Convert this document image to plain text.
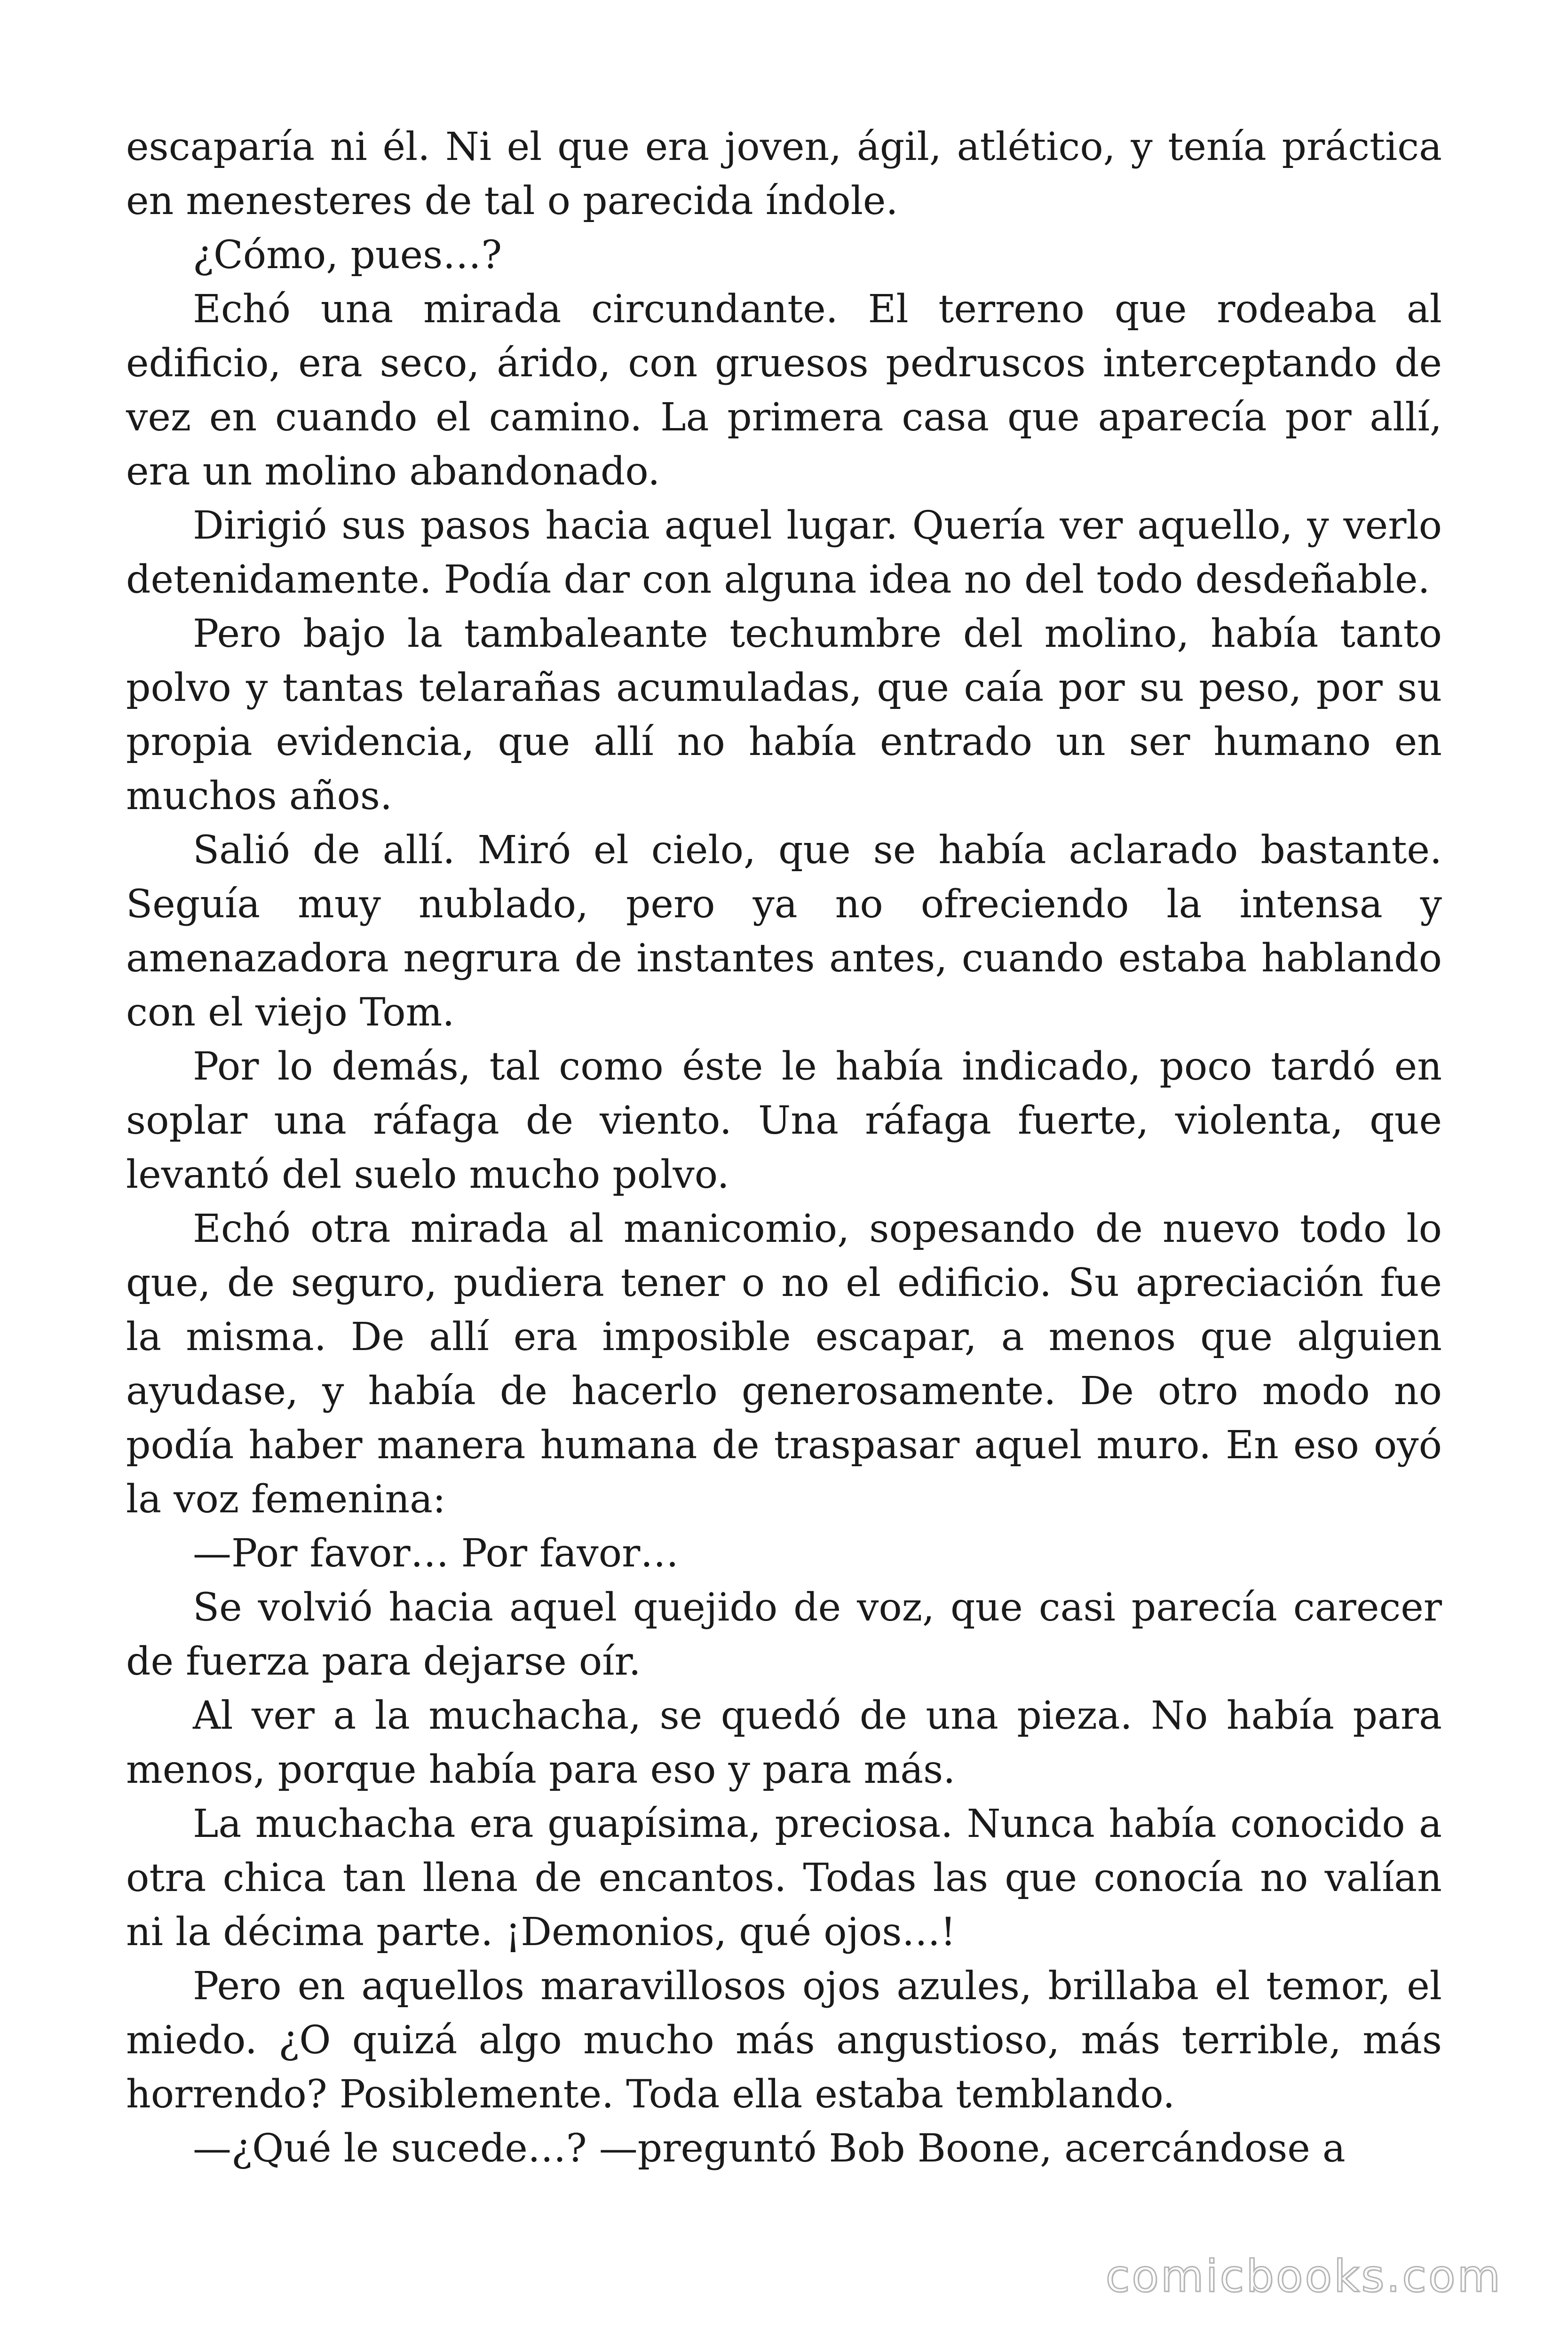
escaparía ni él. Ni el que era joven, ágil, atlético, y tenía práctica en menesteres de tal o parecida índole.

¿Cómo, pues…?

Echó una mirada circundante. El terreno que rodeaba al edificio, era seco, árido, con gruesos pedruscos interceptando de vez en cuando el camino. La primera casa que aparecía por allí, era un molino abandonado.

Dirigió sus pasos hacia aquel lugar. Quería ver aquello, y verlo detenidamente. Podía dar con alguna idea no del todo desdeñable.

Pero bajo la tambaleante techumbre del molino, había tanto polvo y tantas telarañas acumuladas, que caía por su peso, por su propia evidencia, que allí no había entrado un ser humano en muchos años.

Salió de allí. Miró el cielo, que se había aclarado bastante. Seguía muy nublado, pero ya no ofreciendo la intensa y amenazadora negrura de instantes antes, cuando estaba hablando con el viejo Tom.

Por lo demás, tal como éste le había indicado, poco tardó en soplar una ráfaga de viento. Una ráfaga fuerte, violenta, que levantó del suelo mucho polvo.

Echó otra mirada al manicomio, sopesando de nuevo todo lo que, de seguro, pudiera tener o no el edificio. Su apreciación fue la misma. De allí era imposible escapar, a menos que alguien ayudase, y había de hacerlo generosamente. De otro modo no podía haber manera humana de traspasar aquel muro. En eso oyó la voz femenina:

—Por favor… Por favor…

Se volvió hacia aquel quejido de voz, que casi parecía carecer de fuerza para dejarse oír.

Al ver a la muchacha, se quedó de una pieza. No había para menos, porque había para eso y para más.

La muchacha era guapísima, preciosa. Nunca había conocido a otra chica tan llena de encantos. Todas las que conocía no valían ni la décima parte. ¡Demonios, qué ojos…!

Pero en aquellos maravillosos ojos azules, brillaba el temor, el miedo. ¿O quizá algo mucho más angustioso, más terrible, más horrendo? Posiblemente. Toda ella estaba temblando.

—¿Qué le sucede…? —preguntó Bob Boone, acercándose a

comicbooks.com
